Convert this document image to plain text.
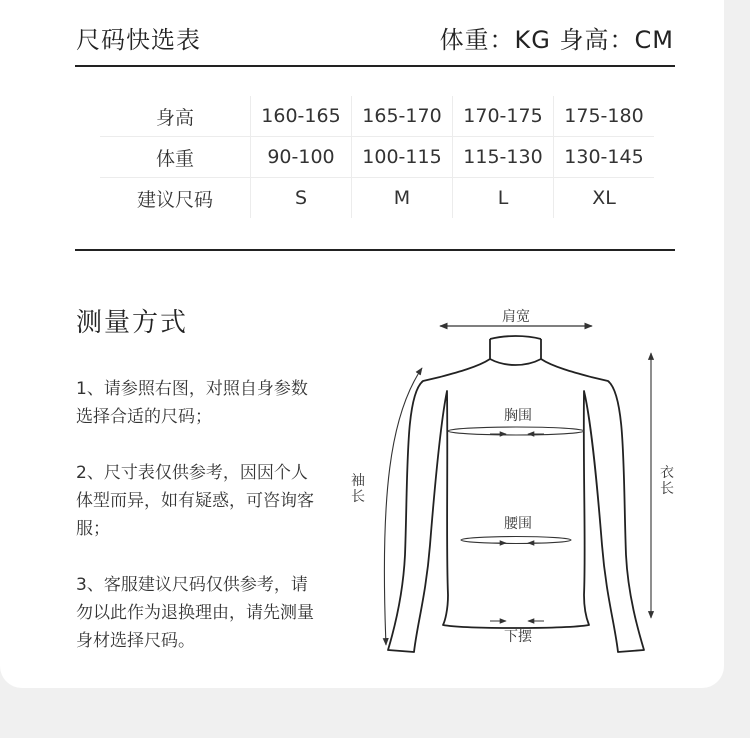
尺码快选表	体重：KG 身高：CM
身高	160-165	165-170	170-175	175-180
体重	90-100	100-115	115-130	130-145
建议尺码	S	M	L	XL
测量方式

1、请参照右图，对照自身参数选择合适的尺码；

2、尺寸表仅供参考，因因个人体型而异，如有疑惑，可咨询客服；

3、客服建议尺码仅供参考，请勿以此作为退换理由，请先测量身材选择尺码。

肩宽
胸围
腰围
下摆
袖
长
衣
长
